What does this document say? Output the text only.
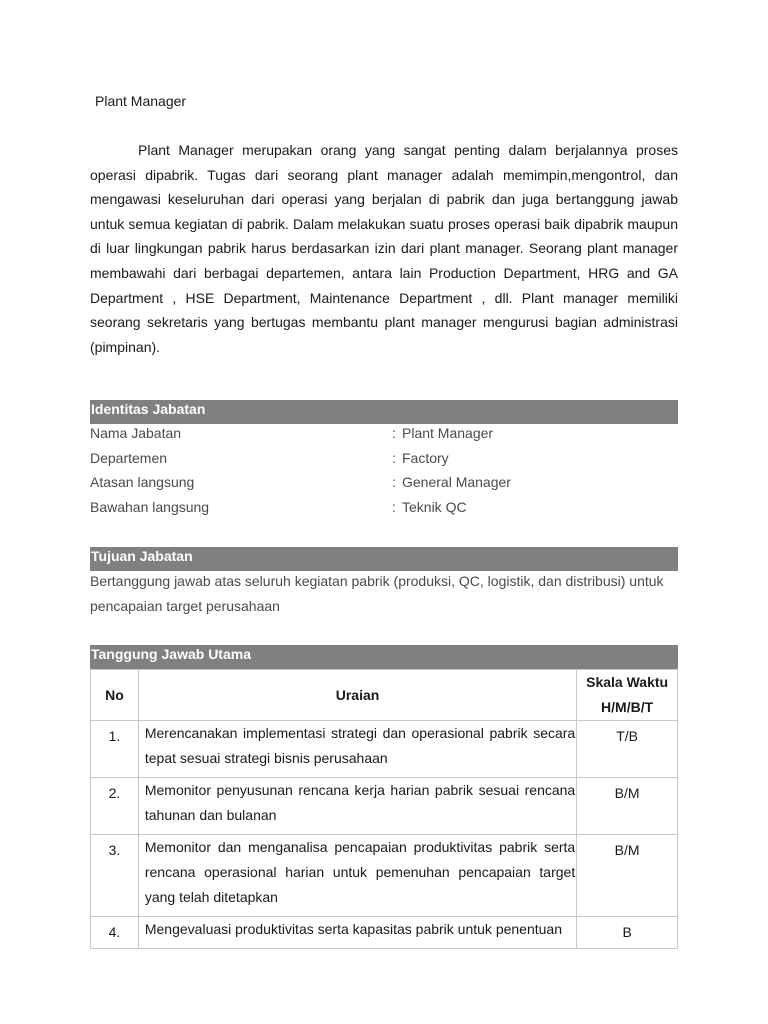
Plant Manager

Plant Manager merupakan orang yang sangat penting dalam berjalannya proses operasi dipabrik. Tugas dari seorang plant manager adalah memimpin,mengontrol, dan mengawasi keseluruhan dari operasi yang berjalan di pabrik dan juga bertanggung jawab untuk semua kegiatan di pabrik. Dalam melakukan suatu proses operasi baik dipabrik maupun di luar lingkungan pabrik harus berdasarkan izin dari plant manager. Seorang plant manager membawahi dari berbagai departemen, antara lain Production Department, HRG and GA Department , HSE Department, Maintenance Department , dll. Plant manager memiliki seorang sekretaris yang bertugas membantu plant manager mengurusi bagian administrasi (pimpinan).

Identitas Jabatan
Nama Jabatan	: Plant Manager
Departemen	: Factory
Atasan langsung	: General Manager
Bawahan langsung	: Teknik QC
Tujuan Jabatan

Bertanggung jawab atas seluruh kegiatan pabrik (produksi, QC, logistik, dan distribusi) untuk pencapaian target perusahaan

Tanggung Jawab Utama
No	Uraian	Skala Waktu
H/M/B/T

1.	Merencanakan implementasi strategi dan operasional pabrik secara tepat sesuai strategi bisnis perusahaan	T/B
2.	Memonitor penyusunan rencana kerja harian pabrik sesuai rencana tahunan dan bulanan	B/M
3.	Memonitor dan menganalisa pencapaian produktivitas pabrik serta rencana operasional harian untuk pemenuhan pencapaian target yang telah ditetapkan	B/M
4.	Mengevaluasi produktivitas serta kapasitas pabrik untuk penentuan	B
